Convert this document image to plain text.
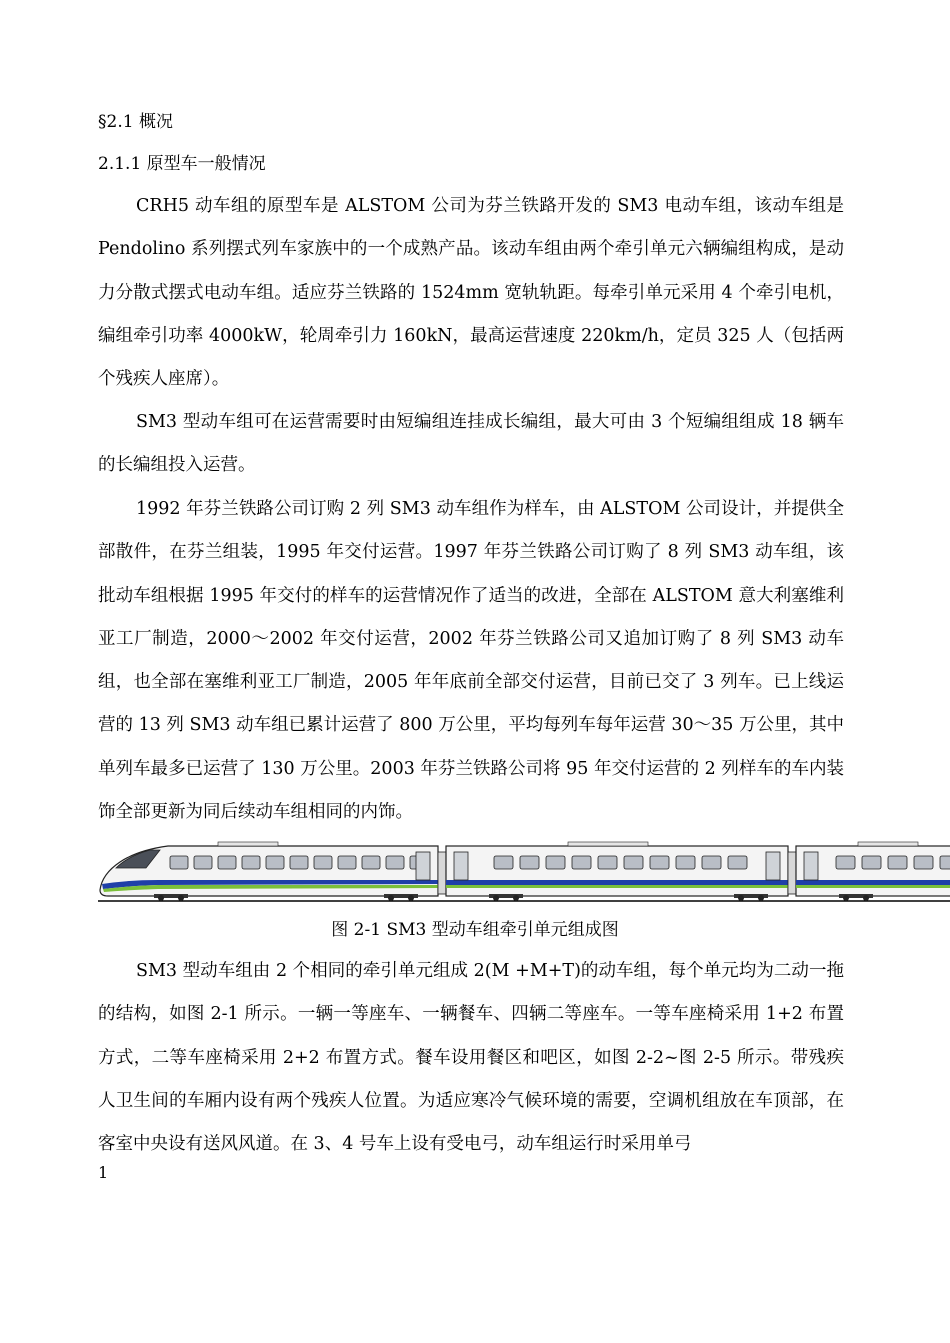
§2.1 概况
2.1.1 原型车一般情况

CRH5 动车组的原型车是 ALSTOM 公司为芬兰铁路开发的 SM3 电动车组，该动车组是 Pendolino 系列摆式列车家族中的一个成熟产品。该动车组由两个牵引单元六辆编组构成，是动力分散式摆式电动车组。适应芬兰铁路的 1524mm 宽轨轨距。每牵引单元采用 4 个牵引电机，编组牵引功率 4000kW，轮周牵引力 160kN，最高运营速度 220km/h，定员 325 人（包括两个残疾人座席）。

SM3 型动车组可在运营需要时由短编组连挂成长编组，最大可由 3 个短编组组成 18 辆车的长编组投入运营。

1992 年芬兰铁路公司订购 2 列 SM3 动车组作为样车，由 ALSTOM 公司设计，并提供全部散件，在芬兰组装，1995 年交付运营。1997 年芬兰铁路公司订购了 8 列 SM3 动车组，该批动车组根据 1995 年交付的样车的运营情况作了适当的改进，全部在 ALSTOM 意大利塞维利亚工厂制造，2000～2002 年交付运营，2002 年芬兰铁路公司又追加订购了 8 列 SM3 动车组，也全部在塞维利亚工厂制造，2005 年年底前全部交付运营，目前已交了 3 列车。已上线运营的 13 列 SM3 动车组已累计运营了 800 万公里，平均每列车每年运营 30～35 万公里，其中单列车最多已运营了 130 万公里。2003 年芬兰铁路公司将 95 年交付运营的 2 列样车的车内装饰全部更新为同后续动车组相同的内饰。

图 2-1 SM3 型动车组牵引单元组成图

SM3 型动车组由 2 个相同的牵引单元组成 2(M +M+T)的动车组，每个单元均为二动一拖的结构，如图 2-1 所示。一辆一等座车、一辆餐车、四辆二等座车。一等车座椅采用 1+2 布置方式，二等车座椅采用 2+2 布置方式。餐车设用餐区和吧区，如图 2-2~图 2-5 所示。带残疾人卫生间的车厢内设有两个残疾人位置。为适应寒冷气候环境的需要，空调机组放在车顶部，在客室中央设有送风风道。在 3、4 号车上设有受电弓，动车组运行时采用单弓

1
